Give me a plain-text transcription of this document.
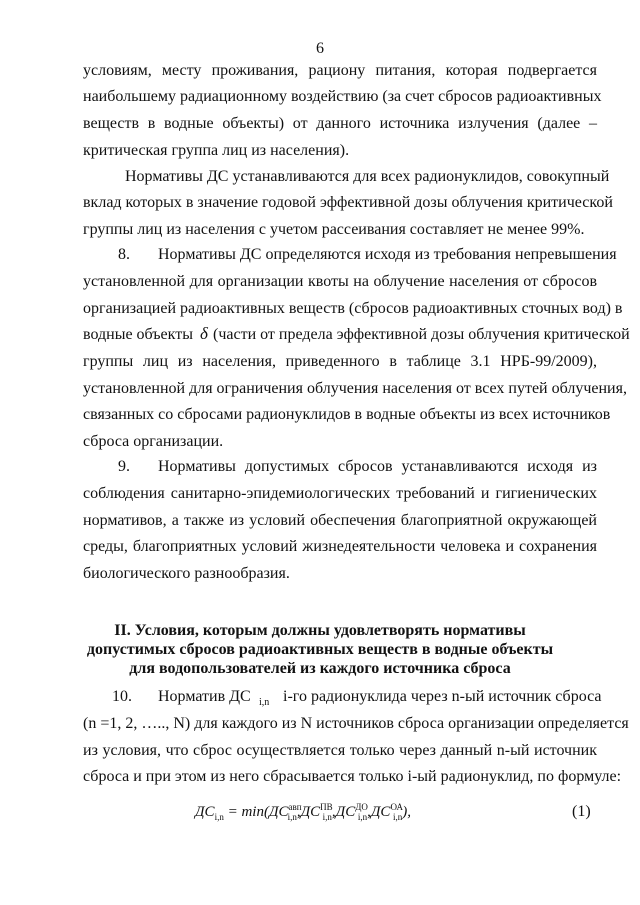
6
условиям, месту проживания, рациону питания, которая подвергается
наибольшему радиационному воздействию (за счет сбросов радиоактивных
веществ в водные объекты) от данного источника излучения (далее –
критическая группа лиц из населения).
Нормативы ДС устанавливаются для всех радионуклидов, совокупный
вклад которых в значение годовой эффективной дозы облучения критической
группы лиц из населения с учетом рассеивания составляет не менее 99%.
8. Нормативы ДС определяются исходя из требования непревышения
установленной для организации квоты на облучение населения от сбросов
организацией радиоактивных веществ (сбросов радиоактивных сточных вод) в
водные объекты δ (части от предела эффективной дозы облучения критической
группы лиц из населения, приведенного в таблице 3.1 НРБ-99/2009),
установленной для ограничения облучения населения от всех путей облучения,
связанных со сбросами радионуклидов в водные объекты из всех источников
сброса организации.
9. Нормативы допустимых сбросов устанавливаются исходя из
соблюдения санитарно-эпидемиологических требований и гигиенических
нормативов, а также из условий обеспечения благоприятной окружающей
среды, благоприятных условий жизнедеятельности человека и сохранения
биологического разнообразия.
II. Условия, которым должны удовлетворять нормативы
допустимых сбросов радиоактивных веществ в водные объекты
для водопользователей из каждого источника сброса
10. Норматив ДС i,n i-го радионуклида через n-ый источник сброса
(n =1, 2, ….., N) для каждого из N источников сброса организации определяется
из условия, что сброс осуществляется только через данный n-ый источник
сброса и при этом из него сбрасывается только i-ый радионуклид, по формуле:
$ДС_{i,n} = \min(ДС^{авп}_{i,n},ДС^{ПВ}_{i,n},ДС^{ДО}_{i,n},ДС^{ОА}_{i,n})$,	(1)
